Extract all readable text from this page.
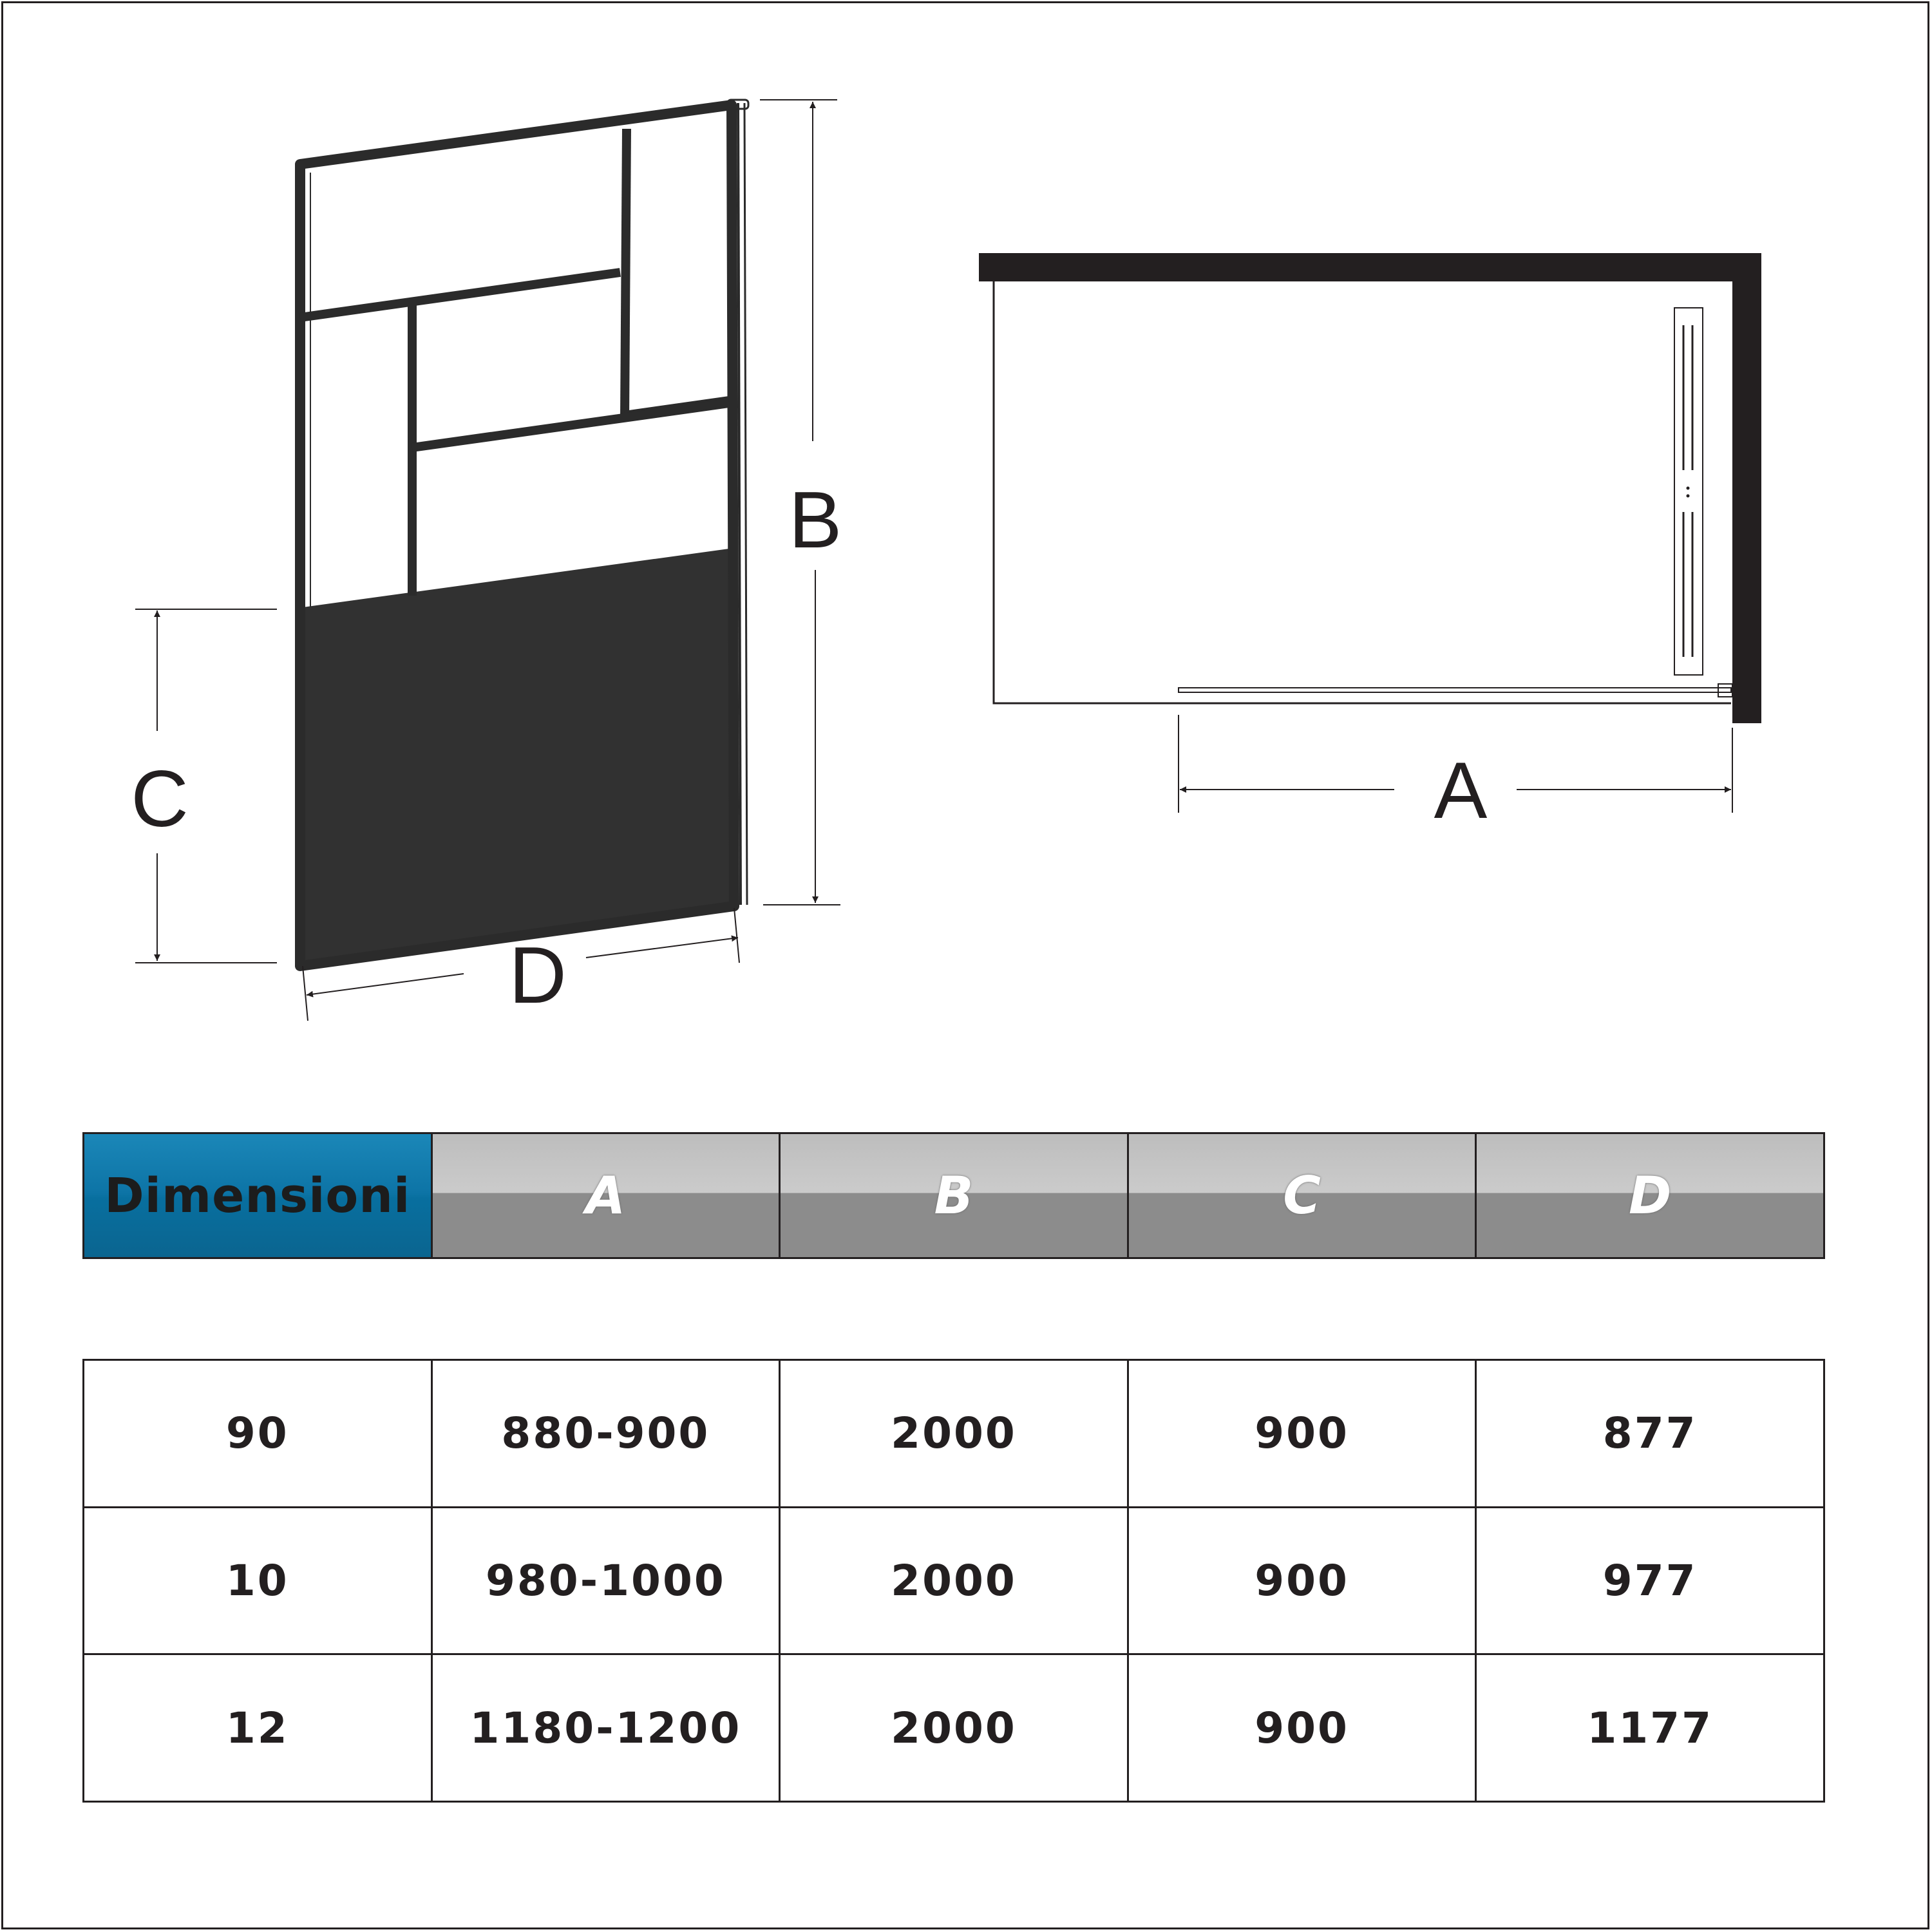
B
C
D
A
Dimensioni	A	B	C	D
90	880-900	2000	900	877
10	980-1000	2000	900	977
12	1180-1200	2000	900	1177
